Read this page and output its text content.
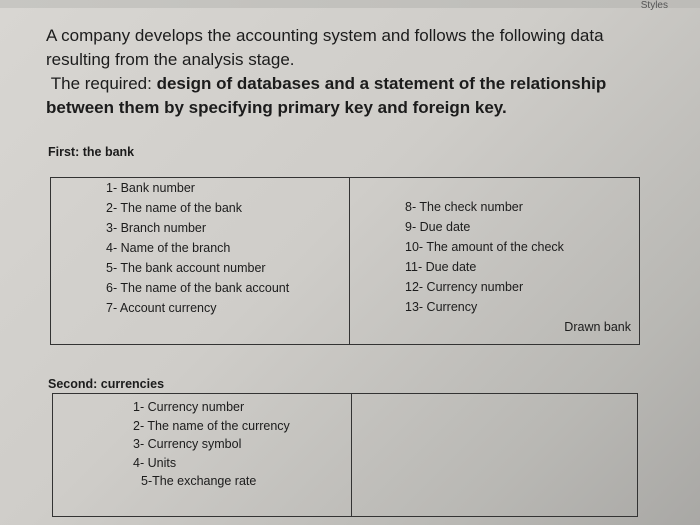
Styles
A company develops the accounting system and follows the following data
resulting from the analysis stage.
The required: design of databases and a statement of the relationship
between them by specifying primary key and foreign key.
First: the bank
1- Bank number
2- The name of the bank
3- Branch number
4- Name of the branch
5- The bank account number
6- The name of the bank account
7- Account currency
8- The check number
9- Due date
10- The amount of the check
11- Due date
12- Currency number
13- Currency
Drawn bank
Second: currencies
1- Currency number
2- The name of the currency
3- Currency symbol
4- Units
5-The exchange rate
